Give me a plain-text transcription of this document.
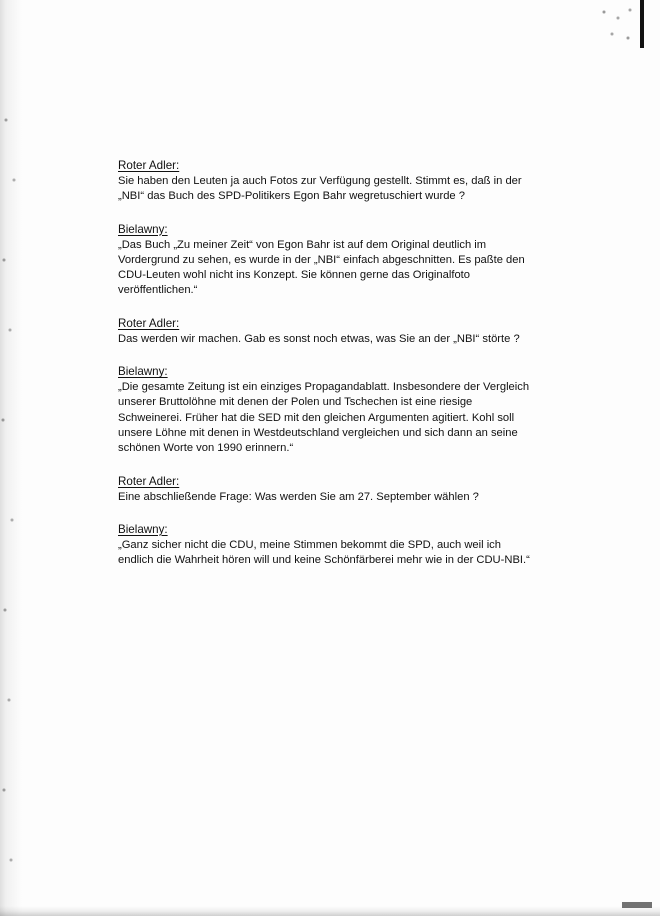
Roter Adler:

Sie haben den Leuten ja auch Fotos zur Verfügung gestellt. Stimmt es, daß in der
„NBI“ das Buch des SPD-Politikers Egon Bahr wegretuschiert wurde ?

Bielawny:

„Das Buch „Zu meiner Zeit“ von Egon Bahr ist auf dem Original deutlich im
Vordergrund zu sehen, es wurde in der „NBI“ einfach abgeschnitten. Es paßte den
CDU-Leuten wohl nicht ins Konzept. Sie können gerne das Originalfoto
veröffentlichen.“

Roter Adler:

Das werden wir machen. Gab es sonst noch etwas, was Sie an der „NBI“ störte ?

Bielawny:

„Die gesamte Zeitung ist ein einziges Propagandablatt. Insbesondere der Vergleich
unserer Bruttolöhne mit denen der Polen und Tschechen ist eine riesige
Schweinerei. Früher hat die SED mit den gleichen Argumenten agitiert. Kohl soll
unsere Löhne mit denen in Westdeutschland vergleichen und sich dann an seine
schönen Worte von 1990 erinnern.“

Roter Adler:

Eine abschließende Frage: Was werden Sie am 27. September wählen ?

Bielawny:

„Ganz sicher nicht die CDU, meine Stimmen bekommt die SPD, auch weil ich
endlich die Wahrheit hören will und keine Schönfärberei mehr wie in der CDU-NBI.“
